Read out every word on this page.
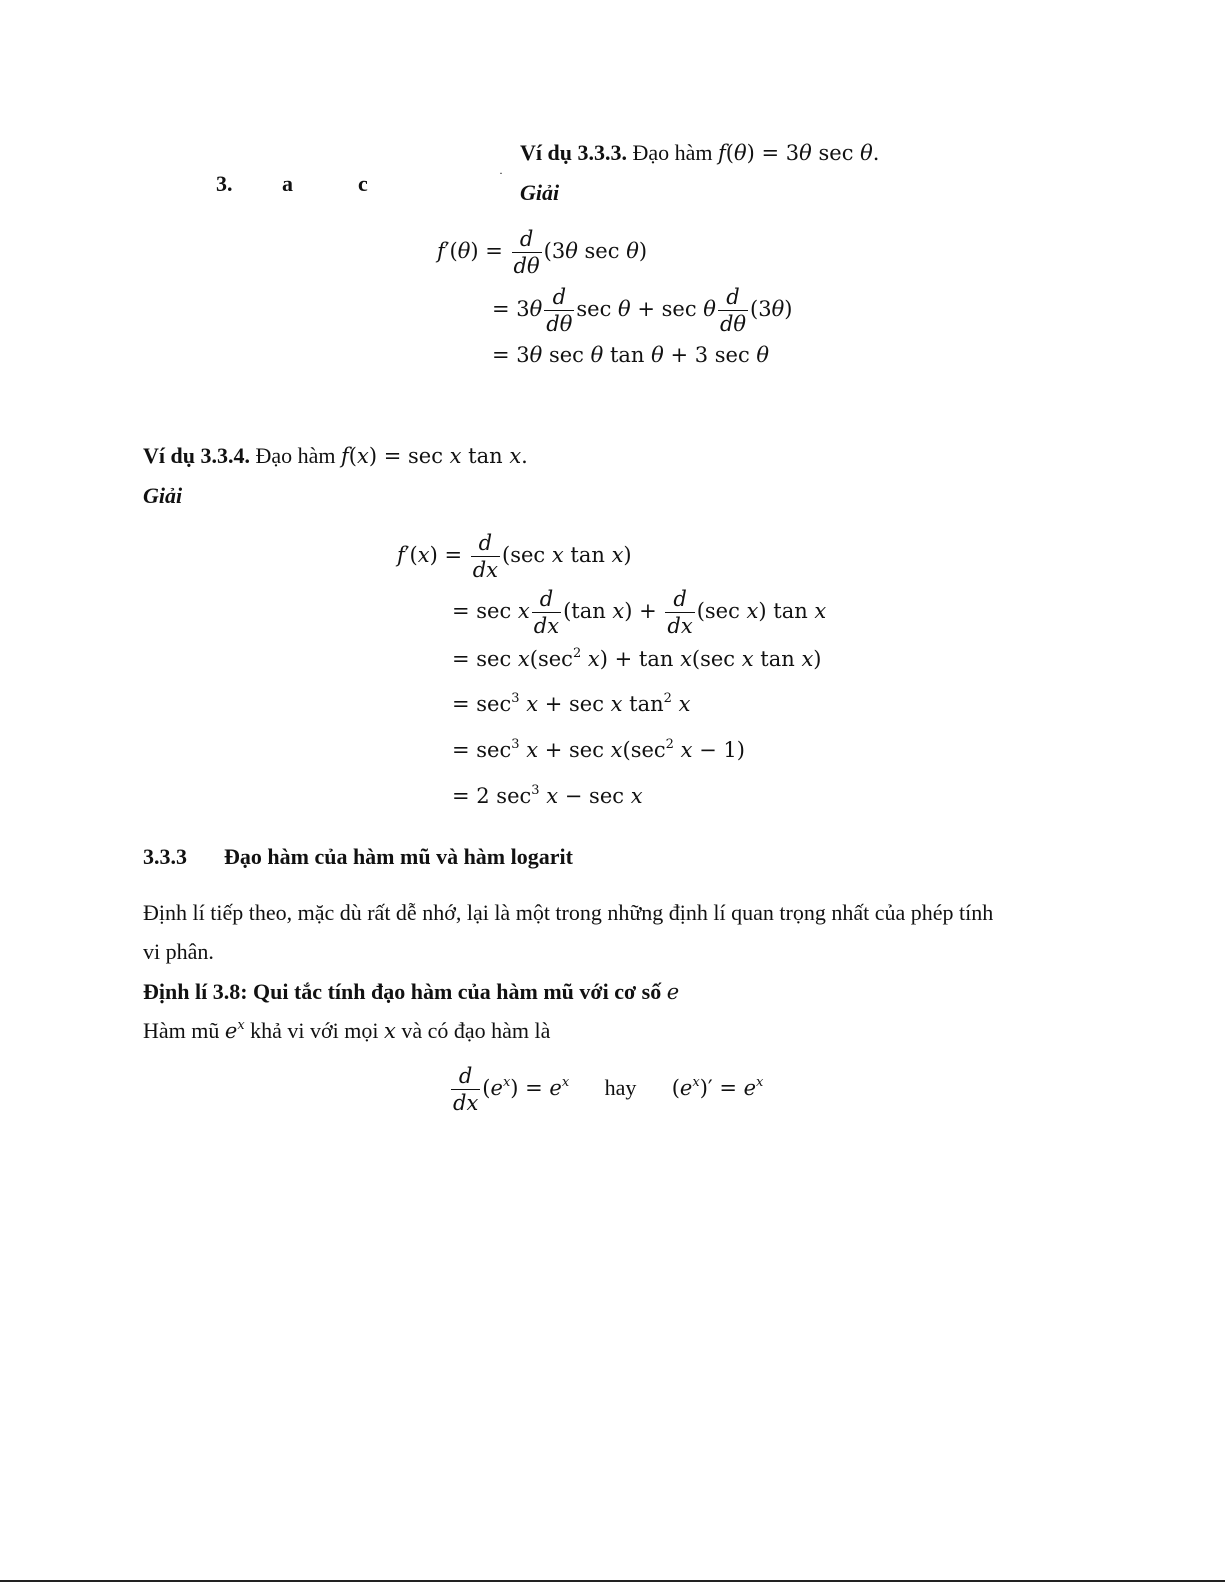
3. a	c	·
Ví dụ 3.3.3. Đạo hàm f(θ) = 3θ sec θ.
Giải
$f'(\theta) = \frac{d}{d\theta} (3\theta$ sec θ)
= $3\theta \frac{d}{d\theta}$ sec θ + sec θ $\frac{d}{d\theta} (3\theta)$
= 3θ sec θ tan θ + 3 sec θ
Ví dụ 3.3.4. Đạo hàm f(x) = sec x tan x.
Giải
$f'(x) = \frac{d}{dx} (\sec$ x tan x)
= sec x $\frac{d}{dx} (\tan$ $x) + \frac{d}{dx} (\sec$ x) tan x
= $\sec x(\sec^2$ x) + tan x(sec x tan x)
= $\sec^3 x + \sec x$ $\tan^2 x$
= $\sec^3 x + \sec x(\sec^2$ x − 1)
= 2 $\sec^3 x - \sec x$
3.3.3 Đạo hàm của hàm mũ và hàm logarit
Định lí tiếp theo, mặc dù rất dễ nhớ, lại là một trong những định lí quan trọng nhất của phép tính
vi phân.
Định lí 3.8: Qui tắc tính đạo hàm của hàm mũ với cơ số e
Hàm mũ $e^x$ khả vi với mọi x và có đạo hàm là
$\frac{d}{dx} (e^x) = e^x$ hay  $(e^x)' = e^x$
